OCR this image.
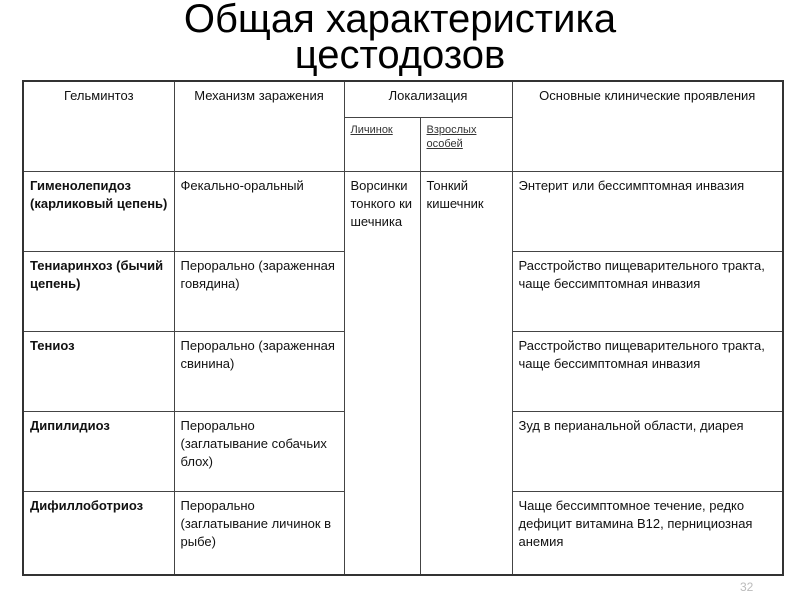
Общая характеристика
цестодозов
Гельминтоз	Механизм заражения	Локализация		Основные клинические проявления
		Личинок	Взрослых особей	
Гименолепидоз (карликовый цепень)	Фекально-оральный	Ворсинки тонкого кишечника	Тонкий кишечник	Энтерит или бессимптомная инвазия
Тениаринхоз (бычий цепень)	Перорально (зараженная говядина)			Расстройство пищеварительного тракта, чаще бессимптомная инвазия
Тениоз	Перорально (зараженная свинина)			Расстройство пищеварительного тракта, чаще бессимптомная инвазия
Дипилидиоз	Перорально (заглатывание собачьих блох)			Зуд в перианальной области, диарея
Дифиллоботриоз	Перорально (заглатывание личинок в рыбе)			Чаще бессимптомное течение, редко дефицит витамина В12, пернициозная анемия
32
